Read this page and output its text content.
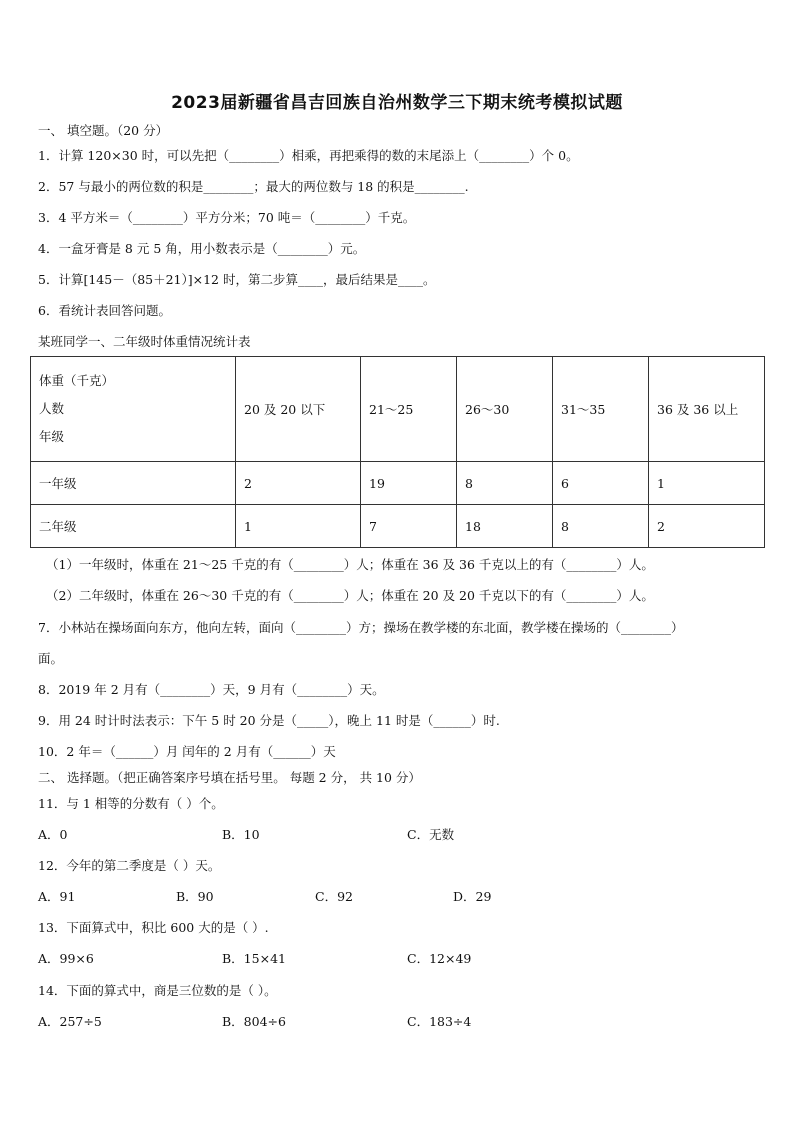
2023届新疆省昌吉回族自治州数学三下期末统考模拟试题
一、 填空题。（20 分）
1．计算 120×30 时，可以先把（________）相乘，再把乘得的数的末尾添上（________）个 0。
2．57 与最小的两位数的积是________；最大的两位数与 18 的积是________.
3．4 平方米＝（________）平方分米；70 吨＝（________）千克。
4．一盒牙膏是 8 元 5 角，用小数表示是（________）元。
5．计算[145－（85＋21）]×12 时，第二步算____，最后结果是____。
6．看统计表回答问题。
某班同学一、二年级时体重情况统计表
体重（千克）
人数
年级	20 及 20 以下	21～25	26～30	31～35	36 及 36 以上
一年级	2	19	8	6	1
二年级	1	7	18	8	2
（1）一年级时，体重在 21～25 千克的有（________）人；体重在 36 及 36 千克以上的有（________）人。
（2）二年级时，体重在 26～30 千克的有（________）人；体重在 20 及 20 千克以下的有（________）人。
7．小林站在操场面向东方，他向左转，面向（________）方；操场在教学楼的东北面，教学楼在操场的（________）
面。
8．2019 年 2 月有（________）天，9 月有（________）天。
9．用 24 时计时法表示：下午 5 时 20 分是（_____），晚上 11 时是（______）时.
10．2 年＝（______）月 闰年的 2 月有（______）天
二、 选择题。（把正确答案序号填在括号里。 每题 2 分， 共 10 分）
11．与 1 相等的分数有（ ）个。
A．0	B．10	C．无数
12．今年的第二季度是（ ）天。
A．91	B．90	C．92	D．29
13．下面算式中，积比 600 大的是（ ）.
A．99×6	B．15×41	C．12×49
14．下面的算式中，商是三位数的是（ ）。
A．257÷5	B．804÷6	C．183÷4
